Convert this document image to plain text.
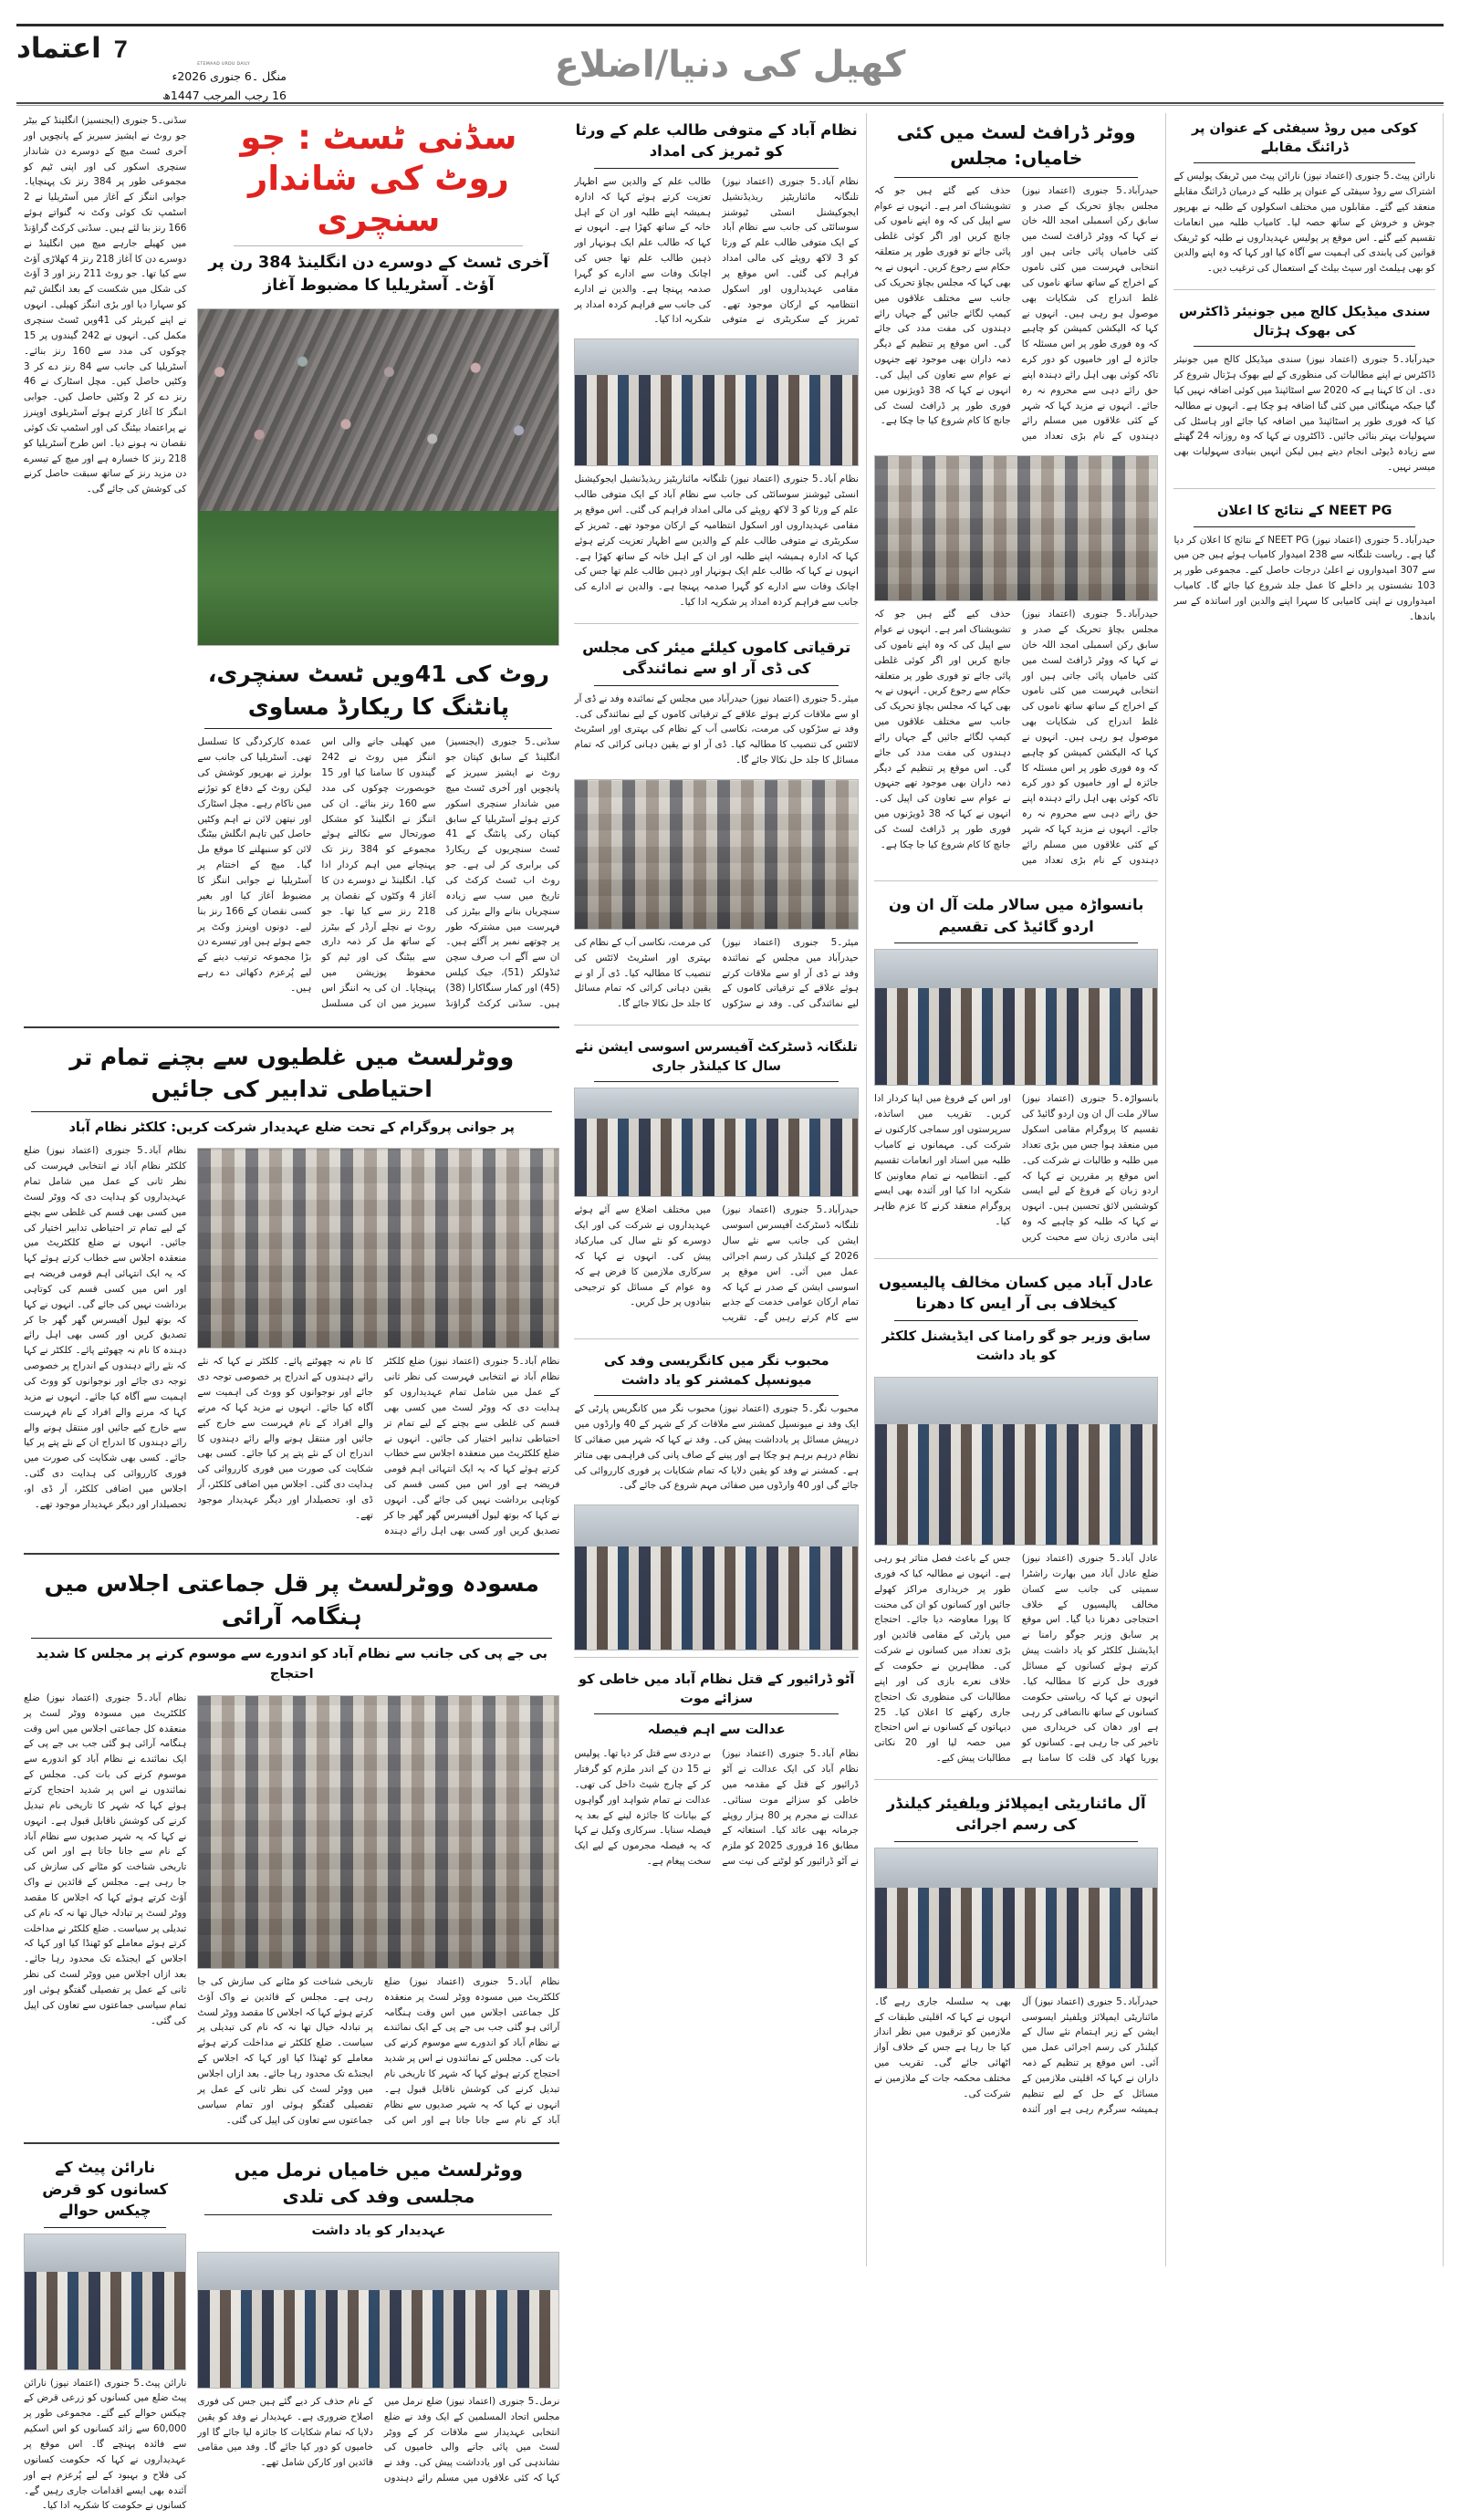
اعتماد 7
ETEMAAD URDU DAILY
منگل ۔6 جنوری 2026ء
16 رجب المرجب 1447ھ
کھیل کی دنیا/اضلاع
سڈنی۔5 جنوری (ایجنسیز) انگلینڈ کے بیٹر جو روٹ نے ایشیز سیریز کے پانچویں اور آخری ٹسٹ میچ کے دوسرے دن شاندار سنچری اسکور کی اور اپنی ٹیم کو مجموعی طور پر 384 رنز تک پہنچایا۔ جوابی اننگز کے آغاز میں آسٹریلیا نے 2 اسٹمپ تک کوئی وکٹ نہ گنواتے ہوئے 166 رنز بنا لئے ہیں۔ سڈنی کرکٹ گراؤنڈ میں کھیلے جارہے میچ میں انگلینڈ نے دوسرے دن کا آغاز 218 رنز 4 کھلاڑی آؤٹ سے کیا تھا۔ جو روٹ 211 رنز اور 3 آؤٹ کی شکل میں شکست کے بعد انگلش ٹیم کو سہارا دیا اور بڑی اننگز کھیلی۔ انہوں نے اپنے کیریئر کی 41ویں ٹسٹ سنچری مکمل کی۔ انہوں نے 242 گیندوں پر 15 چوکوں کی مدد سے 160 رنز بنائے۔ آسٹریلیا کی جانب سے 84 رنز دے کر 3 وکٹیں حاصل کیں۔ مچل اسٹارک نے 46 رنز دے کر 2 وکٹیں حاصل کیں۔ جوابی اننگز کا آغاز کرتے ہوئے آسٹریلوی اوپنرز نے پراعتماد بیٹنگ کی اور اسٹمپ تک کوئی نقصان نہ ہونے دیا۔ اس طرح آسٹریلیا کو 218 رنز کا خسارہ ہے اور میچ کے تیسرے دن مزید رنز کے ساتھ سبقت حاصل کرنے کی کوشش کی جائے گی۔
سڈنی ٹسٹ : جو روٹ کی شاندار سنچری
آخری ٹسٹ کے دوسرے دن انگلینڈ 384 رن پر آؤٹ۔ آسٹریلیا کا مضبوط آغاز
روٹ کی 41ویں ٹسٹ سنچری، پانٹنگ کا ریکارڈ مساوی
سڈنی۔5 جنوری (ایجنسیز) انگلینڈ کے سابق کپتان جو روٹ نے ایشیز سیریز کے پانچویں اور آخری ٹسٹ میچ میں شاندار سنچری اسکور کرتے ہوئے آسٹریلیا کے سابق کپتان رکی پانٹنگ کے 41 ٹسٹ سنچریوں کے ریکارڈ کی برابری کر لی ہے۔ جو روٹ اب ٹسٹ کرکٹ کی تاریخ میں سب سے زیادہ سنچریاں بنانے والے بیٹرز کی فہرست میں مشترکہ طور پر چوتھے نمبر پر آگئے ہیں۔ ان سے آگے اب صرف سچن ٹنڈولکر (51)، جیک کیلس (45) اور کمار سنگاکارا (38) ہیں۔ سڈنی کرکٹ گراؤنڈ میں کھیلی جانے والی اس اننگز میں روٹ نے 242 گیندوں کا سامنا کیا اور 15 خوبصورت چوکوں کی مدد سے 160 رنز بنائے۔ ان کی اننگز نے انگلینڈ کو مشکل صورتحال سے نکالتے ہوئے مجموعے کو 384 رنز تک پہنچانے میں اہم کردار ادا کیا۔ انگلینڈ نے دوسرے دن کا آغاز 4 وکٹوں کے نقصان پر 218 رنز سے کیا تھا۔ جو روٹ نے نچلے آرڈر کے بیٹرز کے ساتھ مل کر ذمہ داری سے بیٹنگ کی اور ٹیم کو محفوظ پوزیشن میں پہنچایا۔ ان کی یہ اننگز اس سیریز میں ان کی مسلسل عمدہ کارکردگی کا تسلسل تھی۔ آسٹریلیا کی جانب سے بولرز نے بھرپور کوشش کی لیکن روٹ کے دفاع کو توڑنے میں ناکام رہے۔ مچل اسٹارک اور نیتھن لائن نے اہم وکٹیں حاصل کیں تاہم انگلش بیٹنگ لائن کو سنبھلنے کا موقع مل گیا۔ میچ کے اختتام پر آسٹریلیا نے جوابی اننگز کا مضبوط آغاز کیا اور بغیر کسی نقصان کے 166 رنز بنا لیے۔ دونوں اوپنرز وکٹ پر جمے ہوئے ہیں اور تیسرے دن بڑا مجموعہ ترتیب دینے کے لیے پُرعزم دکھائی دے رہے ہیں۔
ووٹرلسٹ میں غلطیوں سے بچنے تمام تر احتیاطی تدابیر کی جائیں
پر جوانی پروگرام کے تحت ضلع عہدیدار شرکت کریں: کلکٹر نظام آباد
نظام آباد۔5 جنوری (اعتماد نیوز) ضلع کلکٹر نظام آباد نے انتخابی فہرست کی نظر ثانی کے عمل میں شامل تمام عہدیداروں کو ہدایت دی کہ ووٹر لسٹ میں کسی بھی قسم کی غلطی سے بچنے کے لیے تمام تر احتیاطی تدابیر اختیار کی جائیں۔ انہوں نے ضلع کلکٹریٹ میں منعقدہ اجلاس سے خطاب کرتے ہوئے کہا کہ یہ ایک انتہائی اہم قومی فریضہ ہے اور اس میں کسی قسم کی کوتاہی برداشت نہیں کی جائے گی۔ انہوں نے کہا کہ بوتھ لیول آفیسرس گھر گھر جا کر تصدیق کریں اور کسی بھی اہل رائے دہندہ کا نام نہ چھوٹنے پائے۔ کلکٹر نے کہا کہ نئے رائے دہندوں کے اندراج پر خصوصی توجہ دی جائے اور نوجوانوں کو ووٹ کی اہمیت سے آگاہ کیا جائے۔ انہوں نے مزید کہا کہ مرنے والے افراد کے نام فہرست سے خارج کیے جائیں اور منتقل ہونے والے رائے دہندوں کا اندراج ان کے نئے پتے پر کیا جائے۔ کسی بھی شکایت کی صورت میں فوری کارروائی کی ہدایت دی گئی۔ اجلاس میں اضافی کلکٹر، آر ڈی او، تحصیلدار اور دیگر عہدیدار موجود تھے۔
نظام آباد۔5 جنوری (اعتماد نیوز) ضلع کلکٹر نظام آباد نے انتخابی فہرست کی نظر ثانی کے عمل میں شامل تمام عہدیداروں کو ہدایت دی کہ ووٹر لسٹ میں کسی بھی قسم کی غلطی سے بچنے کے لیے تمام تر احتیاطی تدابیر اختیار کی جائیں۔ انہوں نے ضلع کلکٹریٹ میں منعقدہ اجلاس سے خطاب کرتے ہوئے کہا کہ یہ ایک انتہائی اہم قومی فریضہ ہے اور اس میں کسی قسم کی کوتاہی برداشت نہیں کی جائے گی۔ انہوں نے کہا کہ بوتھ لیول آفیسرس گھر گھر جا کر تصدیق کریں اور کسی بھی اہل رائے دہندہ کا نام نہ چھوٹنے پائے۔ کلکٹر نے کہا کہ نئے رائے دہندوں کے اندراج پر خصوصی توجہ دی جائے اور نوجوانوں کو ووٹ کی اہمیت سے آگاہ کیا جائے۔ انہوں نے مزید کہا کہ مرنے والے افراد کے نام فہرست سے خارج کیے جائیں اور منتقل ہونے والے رائے دہندوں کا اندراج ان کے نئے پتے پر کیا جائے۔ کسی بھی شکایت کی صورت میں فوری کارروائی کی ہدایت دی گئی۔ اجلاس میں اضافی کلکٹر، آر ڈی او، تحصیلدار اور دیگر عہدیدار موجود تھے۔
مسودہ ووٹرلسٹ پر قل جماعتی اجلاس میں ہنگامہ آرائی
بی جے پی کی جانب سے نظام آباد کو اندورے سے موسوم کرنے پر مجلس کا شدید احتجاج
نظام آباد۔5 جنوری (اعتماد نیوز) ضلع کلکٹریٹ میں مسودہ ووٹر لسٹ پر منعقدہ کل جماعتی اجلاس میں اس وقت ہنگامہ آرائی ہو گئی جب بی جے پی کے ایک نمائندے نے نظام آباد کو اندورے سے موسوم کرنے کی بات کی۔ مجلس کے نمائندوں نے اس پر شدید احتجاج کرتے ہوئے کہا کہ شہر کا تاریخی نام تبدیل کرنے کی کوشش ناقابل قبول ہے۔ انہوں نے کہا کہ یہ شہر صدیوں سے نظام آباد کے نام سے جانا جاتا ہے اور اس کی تاریخی شناخت کو مٹانے کی سازش کی جا رہی ہے۔ مجلس کے قائدین نے واک آؤٹ کرتے ہوئے کہا کہ اجلاس کا مقصد ووٹر لسٹ پر تبادلہ خیال تھا نہ کہ نام کی تبدیلی پر سیاست۔ ضلع کلکٹر نے مداخلت کرتے ہوئے معاملے کو ٹھنڈا کیا اور کہا کہ اجلاس کے ایجنڈے تک محدود رہا جائے۔ بعد ازاں اجلاس میں ووٹر لسٹ کی نظر ثانی کے عمل پر تفصیلی گفتگو ہوئی اور تمام سیاسی جماعتوں سے تعاون کی اپیل کی گئی۔
نظام آباد۔5 جنوری (اعتماد نیوز) ضلع کلکٹریٹ میں مسودہ ووٹر لسٹ پر منعقدہ کل جماعتی اجلاس میں اس وقت ہنگامہ آرائی ہو گئی جب بی جے پی کے ایک نمائندے نے نظام آباد کو اندورے سے موسوم کرنے کی بات کی۔ مجلس کے نمائندوں نے اس پر شدید احتجاج کرتے ہوئے کہا کہ شہر کا تاریخی نام تبدیل کرنے کی کوشش ناقابل قبول ہے۔ انہوں نے کہا کہ یہ شہر صدیوں سے نظام آباد کے نام سے جانا جاتا ہے اور اس کی تاریخی شناخت کو مٹانے کی سازش کی جا رہی ہے۔ مجلس کے قائدین نے واک آؤٹ کرتے ہوئے کہا کہ اجلاس کا مقصد ووٹر لسٹ پر تبادلہ خیال تھا نہ کہ نام کی تبدیلی پر سیاست۔ ضلع کلکٹر نے مداخلت کرتے ہوئے معاملے کو ٹھنڈا کیا اور کہا کہ اجلاس کے ایجنڈے تک محدود رہا جائے۔ بعد ازاں اجلاس میں ووٹر لسٹ کی نظر ثانی کے عمل پر تفصیلی گفتگو ہوئی اور تمام سیاسی جماعتوں سے تعاون کی اپیل کی گئی۔
نارائن پیٹ کے کسانوں کو قرض چیکس حوالے
نارائن پیٹ۔5 جنوری (اعتماد نیوز) نارائن پیٹ ضلع میں کسانوں کو زرعی قرض کے چیکس حوالے کیے گئے۔ مجموعی طور پر 60,000 سے زائد کسانوں کو اس اسکیم سے فائدہ پہنچے گا۔ اس موقع پر عہدیداروں نے کہا کہ حکومت کسانوں کی فلاح و بہبود کے لیے پُرعزم ہے اور آئندہ بھی ایسے اقدامات جاری رہیں گے۔ کسانوں نے حکومت کا شکریہ ادا کیا۔
ووٹرلسٹ میں خامیاں نرمل میں مجلسی وفد کی تلدی
عہدیدار کو یاد داشت
نرمل۔5 جنوری (اعتماد نیوز) ضلع نرمل میں مجلس اتحاد المسلمین کے ایک وفد نے ضلع انتخابی عہدیدار سے ملاقات کر کے ووٹر لسٹ میں پائی جانے والی خامیوں کی نشاندہی کی اور یادداشت پیش کی۔ وفد نے کہا کہ کئی علاقوں میں مسلم رائے دہندوں کے نام حذف کر دیے گئے ہیں جس کی فوری اصلاح ضروری ہے۔ عہدیدار نے وفد کو یقین دلایا کہ تمام شکایات کا جائزہ لیا جائے گا اور خامیوں کو دور کیا جائے گا۔ وفد میں مقامی قائدین اور کارکن شامل تھے۔
نظام آباد کے متوفی طالب علم کے ورثا کو ٹمریز کی امداد
نظام آباد۔5 جنوری (اعتماد نیوز) تلنگانہ مائناریٹیز ریذیڈنشیل ایجوکیشنل انسٹی ٹیوشنز سوسائٹی کی جانب سے نظام آباد کے ایک متوفی طالب علم کے ورثا کو 3 لاکھ روپئے کی مالی امداد فراہم کی گئی۔ اس موقع پر مقامی عہدیداروں اور اسکول انتظامیہ کے ارکان موجود تھے۔ ٹمریز کے سکریٹری نے متوفی طالب علم کے والدین سے اظہار تعزیت کرتے ہوئے کہا کہ ادارہ ہمیشہ اپنے طلبہ اور ان کے اہل خانہ کے ساتھ کھڑا ہے۔ انہوں نے کہا کہ طالب علم ایک ہونہار اور ذہین طالب علم تھا جس کی اچانک وفات سے ادارے کو گہرا صدمہ پہنچا ہے۔ والدین نے ادارے کی جانب سے فراہم کردہ امداد پر شکریہ ادا کیا۔
نظام آباد۔5 جنوری (اعتماد نیوز) تلنگانہ مائناریٹیز ریذیڈنشیل ایجوکیشنل انسٹی ٹیوشنز سوسائٹی کی جانب سے نظام آباد کے ایک متوفی طالب علم کے ورثا کو 3 لاکھ روپئے کی مالی امداد فراہم کی گئی۔ اس موقع پر مقامی عہدیداروں اور اسکول انتظامیہ کے ارکان موجود تھے۔ ٹمریز کے سکریٹری نے متوفی طالب علم کے والدین سے اظہار تعزیت کرتے ہوئے کہا کہ ادارہ ہمیشہ اپنے طلبہ اور ان کے اہل خانہ کے ساتھ کھڑا ہے۔ انہوں نے کہا کہ طالب علم ایک ہونہار اور ذہین طالب علم تھا جس کی اچانک وفات سے ادارے کو گہرا صدمہ پہنچا ہے۔ والدین نے ادارے کی جانب سے فراہم کردہ امداد پر شکریہ ادا کیا۔
ترقیاتی کاموں کیلئے میئر کی مجلس کی ڈی آر او سے نمائندگی
میئر۔5 جنوری (اعتماد نیوز) حیدرآباد میں مجلس کے نمائندہ وفد نے ڈی آر او سے ملاقات کرتے ہوئے علاقے کے ترقیاتی کاموں کے لیے نمائندگی کی۔ وفد نے سڑکوں کی مرمت، نکاسی آب کے نظام کی بہتری اور اسٹریٹ لائٹس کی تنصیب کا مطالبہ کیا۔ ڈی آر او نے یقین دہانی کرائی کہ تمام مسائل کا جلد حل نکالا جائے گا۔
میئر۔5 جنوری (اعتماد نیوز) حیدرآباد میں مجلس کے نمائندہ وفد نے ڈی آر او سے ملاقات کرتے ہوئے علاقے کے ترقیاتی کاموں کے لیے نمائندگی کی۔ وفد نے سڑکوں کی مرمت، نکاسی آب کے نظام کی بہتری اور اسٹریٹ لائٹس کی تنصیب کا مطالبہ کیا۔ ڈی آر او نے یقین دہانی کرائی کہ تمام مسائل کا جلد حل نکالا جائے گا۔
تلنگانہ ڈسٹرکٹ آفیسرس اسوسی ایشن نئے سال کا کیلنڈر جاری
حیدرآباد۔5 جنوری (اعتماد نیوز) تلنگانہ ڈسٹرکٹ آفیسرس اسوسی ایشن کی جانب سے نئے سال 2026 کے کیلنڈر کی رسم اجرائی عمل میں آئی۔ اس موقع پر اسوسی ایشن کے صدر نے کہا کہ تمام ارکان عوامی خدمت کے جذبے سے کام کرتے رہیں گے۔ تقریب میں مختلف اضلاع سے آئے ہوئے عہدیداروں نے شرکت کی اور ایک دوسرے کو نئے سال کی مبارکباد پیش کی۔ انہوں نے کہا کہ سرکاری ملازمین کا فرض ہے کہ وہ عوام کے مسائل کو ترجیحی بنیادوں پر حل کریں۔
محبوب نگر میں کانگریسی وفد کی میونسپل کمشنر کو یاد داشت
محبوب نگر۔5 جنوری (اعتماد نیوز) محبوب نگر میں کانگریس پارٹی کے ایک وفد نے میونسپل کمشنر سے ملاقات کر کے شہر کے 40 وارڈوں میں درپیش مسائل پر یادداشت پیش کی۔ وفد نے کہا کہ شہر میں صفائی کا نظام درہم برہم ہو چکا ہے اور پینے کے صاف پانی کی فراہمی بھی متاثر ہے۔ کمشنر نے وفد کو یقین دلایا کہ تمام شکایات پر فوری کارروائی کی جائے گی اور 40 وارڈوں میں صفائی مہم شروع کی جائے گی۔
آٹو ڈرائیور کے قتل نظام آباد میں خاطی کو سزائے موت
عدالت سے اہم فیصلہ
نظام آباد۔5 جنوری (اعتماد نیوز) نظام آباد کی ایک عدالت نے آٹو ڈرائیور کے قتل کے مقدمہ میں خاطی کو سزائے موت سنائی۔ عدالت نے مجرم پر 80 ہزار روپئے جرمانہ بھی عائد کیا۔ استغاثہ کے مطابق 16 فروری 2025 کو ملزم نے آٹو ڈرائیور کو لوٹنے کی نیت سے بے دردی سے قتل کر دیا تھا۔ پولیس نے 15 دن کے اندر ملزم کو گرفتار کر کے چارج شیٹ داخل کی تھی۔ عدالت نے تمام شواہد اور گواہوں کے بیانات کا جائزہ لینے کے بعد یہ فیصلہ سنایا۔ سرکاری وکیل نے کہا کہ یہ فیصلہ مجرموں کے لیے ایک سخت پیغام ہے۔
ووٹر ڈرافٹ لسٹ میں کئی خامیاں: مجلس
حیدرآباد۔5 جنوری (اعتماد نیوز) مجلس بچاؤ تحریک کے صدر و سابق رکن اسمبلی امجد اللہ خان نے کہا کہ ووٹر ڈرافٹ لسٹ میں کئی خامیاں پائی جاتی ہیں اور انتخابی فہرست میں کئی ناموں کے اخراج کے ساتھ ساتھ ناموں کی غلط اندراج کی شکایات بھی موصول ہو رہی ہیں۔ انہوں نے کہا کہ الیکشن کمیشن کو چاہیے کہ وہ فوری طور پر اس مسئلہ کا جائزہ لے اور خامیوں کو دور کرے تاکہ کوئی بھی اہل رائے دہندہ اپنے حق رائے دہی سے محروم نہ رہ جائے۔ انہوں نے مزید کہا کہ شہر کے کئی علاقوں میں مسلم رائے دہندوں کے نام بڑی تعداد میں حذف کیے گئے ہیں جو کہ تشویشناک امر ہے۔ انہوں نے عوام سے اپیل کی کہ وہ اپنے ناموں کی جانچ کریں اور اگر کوئی غلطی پائی جائے تو فوری طور پر متعلقہ حکام سے رجوع کریں۔ انہوں نے یہ بھی کہا کہ مجلس بچاؤ تحریک کی جانب سے مختلف علاقوں میں کیمپ لگائے جائیں گے جہاں رائے دہندوں کی مفت مدد کی جائے گی۔ اس موقع پر تنظیم کے دیگر ذمہ داران بھی موجود تھے جنہوں نے عوام سے تعاون کی اپیل کی۔ انہوں نے کہا کہ 38 ڈویژنوں میں فوری طور پر ڈرافٹ لسٹ کی جانچ کا کام شروع کیا جا چکا ہے۔
حیدرآباد۔5 جنوری (اعتماد نیوز) مجلس بچاؤ تحریک کے صدر و سابق رکن اسمبلی امجد اللہ خان نے کہا کہ ووٹر ڈرافٹ لسٹ میں کئی خامیاں پائی جاتی ہیں اور انتخابی فہرست میں کئی ناموں کے اخراج کے ساتھ ساتھ ناموں کی غلط اندراج کی شکایات بھی موصول ہو رہی ہیں۔ انہوں نے کہا کہ الیکشن کمیشن کو چاہیے کہ وہ فوری طور پر اس مسئلہ کا جائزہ لے اور خامیوں کو دور کرے تاکہ کوئی بھی اہل رائے دہندہ اپنے حق رائے دہی سے محروم نہ رہ جائے۔ انہوں نے مزید کہا کہ شہر کے کئی علاقوں میں مسلم رائے دہندوں کے نام بڑی تعداد میں حذف کیے گئے ہیں جو کہ تشویشناک امر ہے۔ انہوں نے عوام سے اپیل کی کہ وہ اپنے ناموں کی جانچ کریں اور اگر کوئی غلطی پائی جائے تو فوری طور پر متعلقہ حکام سے رجوع کریں۔ انہوں نے یہ بھی کہا کہ مجلس بچاؤ تحریک کی جانب سے مختلف علاقوں میں کیمپ لگائے جائیں گے جہاں رائے دہندوں کی مفت مدد کی جائے گی۔ اس موقع پر تنظیم کے دیگر ذمہ داران بھی موجود تھے جنہوں نے عوام سے تعاون کی اپیل کی۔ انہوں نے کہا کہ 38 ڈویژنوں میں فوری طور پر ڈرافٹ لسٹ کی جانچ کا کام شروع کیا جا چکا ہے۔
بانسواڑہ میں سالار ملت آل ان ون اردو گائیڈ کی تقسیم
بانسواڑہ۔5 جنوری (اعتماد نیوز) سالار ملت آل ان ون اردو گائیڈ کی تقسیم کا پروگرام مقامی اسکول میں منعقد ہوا جس میں بڑی تعداد میں طلبہ و طالبات نے شرکت کی۔ اس موقع پر مقررین نے کہا کہ اردو زبان کے فروغ کے لیے ایسی کوششیں لائق تحسین ہیں۔ انہوں نے کہا کہ طلبہ کو چاہیے کہ وہ اپنی مادری زبان سے محبت کریں اور اس کے فروغ میں اپنا کردار ادا کریں۔ تقریب میں اساتذہ، سرپرستوں اور سماجی کارکنوں نے شرکت کی۔ مہمانوں نے کامیاب طلبہ میں اسناد اور انعامات تقسیم کیے۔ انتظامیہ نے تمام معاونین کا شکریہ ادا کیا اور آئندہ بھی ایسے پروگرام منعقد کرنے کا عزم ظاہر کیا۔
عادل آباد میں کسان مخالف پالیسیوں کیخلاف بی آر ایس کا دھرنا
سابق وزیر جو گو رامنا کی ایڈیشنل کلکٹر کو یاد داشت
عادل آباد۔5 جنوری (اعتماد نیوز) ضلع عادل آباد میں بھارت راشٹرا سمیتی کی جانب سے کسان مخالف پالیسیوں کے خلاف احتجاجی دھرنا دیا گیا۔ اس موقع پر سابق وزیر جوگو رامنا نے ایڈیشنل کلکٹر کو یاد داشت پیش کرتے ہوئے کسانوں کے مسائل فوری حل کرنے کا مطالبہ کیا۔ انہوں نے کہا کہ ریاستی حکومت کسانوں کے ساتھ ناانصافی کر رہی ہے اور دھان کی خریداری میں تاخیر کی جا رہی ہے۔ کسانوں کو یوریا کھاد کی قلت کا سامنا ہے جس کے باعث فصل متاثر ہو رہی ہے۔ انہوں نے مطالبہ کیا کہ فوری طور پر خریداری مراکز کھولے جائیں اور کسانوں کو ان کی محنت کا پورا معاوضہ دیا جائے۔ احتجاج میں پارٹی کے مقامی قائدین اور بڑی تعداد میں کسانوں نے شرکت کی۔ مظاہرین نے حکومت کے خلاف نعرے بازی کی اور اپنے مطالبات کی منظوری تک احتجاج جاری رکھنے کا اعلان کیا۔ 25 دیہاتوں کے کسانوں نے اس احتجاج میں حصہ لیا اور 20 نکاتی مطالبات پیش کیے۔
آل مائناریٹی ایمپلائز ویلفیئر کیلنڈر کی رسم اجرائی
حیدرآباد۔5 جنوری (اعتماد نیوز) آل مائناریٹی ایمپلائز ویلفیئر ایسوسی ایشن کے زیر اہتمام نئے سال کے کیلنڈر کی رسم اجرائی عمل میں آئی۔ اس موقع پر تنظیم کے ذمہ داران نے کہا کہ اقلیتی ملازمین کے مسائل کے حل کے لیے تنظیم ہمیشہ سرگرم رہی ہے اور آئندہ بھی یہ سلسلہ جاری رہے گا۔ انہوں نے کہا کہ اقلیتی طبقات کے ملازمین کو ترقیوں میں نظر انداز کیا جا رہا ہے جس کے خلاف آواز اٹھائی جائے گی۔ تقریب میں مختلف محکمہ جات کے ملازمین نے شرکت کی۔
کوکی میں روڈ سیفٹی کے عنوان پر ڈرائنگ مقابلے
نارائن پیٹ۔5 جنوری (اعتماد نیوز) نارائن پیٹ میں ٹریفک پولیس کے اشتراک سے روڈ سیفٹی کے عنوان پر طلبہ کے درمیان ڈرائنگ مقابلے منعقد کیے گئے۔ مقابلوں میں مختلف اسکولوں کے طلبہ نے بھرپور جوش و خروش کے ساتھ حصہ لیا۔ کامیاب طلبہ میں انعامات تقسیم کیے گئے۔ اس موقع پر پولیس عہدیداروں نے طلبہ کو ٹریفک قوانین کی پابندی کی اہمیت سے آگاہ کیا اور کہا کہ وہ اپنے والدین کو بھی ہیلمٹ اور سیٹ بیلٹ کے استعمال کی ترغیب دیں۔
سندی میڈیکل کالج میں جونیئر ڈاکٹرس کی بھوک ہڑتال
حیدرآباد۔5 جنوری (اعتماد نیوز) سندی میڈیکل کالج میں جونیئر ڈاکٹرس نے اپنے مطالبات کی منظوری کے لیے بھوک ہڑتال شروع کر دی۔ ان کا کہنا ہے کہ 2020 سے اسٹائپنڈ میں کوئی اضافہ نہیں کیا گیا جبکہ مہنگائی میں کئی گنا اضافہ ہو چکا ہے۔ انہوں نے مطالبہ کیا کہ فوری طور پر اسٹائپنڈ میں اضافہ کیا جائے اور ہاسٹل کی سہولیات بہتر بنائی جائیں۔ ڈاکٹروں نے کہا کہ وہ روزانہ 24 گھنٹے سے زیادہ ڈیوٹی انجام دیتے ہیں لیکن انہیں بنیادی سہولیات بھی میسر نہیں۔
NEET PG کے نتائج کا اعلان
حیدرآباد۔5 جنوری (اعتماد نیوز) NEET PG کے نتائج کا اعلان کر دیا گیا ہے۔ ریاست تلنگانہ سے 238 امیدوار کامیاب ہوئے ہیں جن میں سے 307 امیدواروں نے اعلیٰ درجات حاصل کیے۔ مجموعی طور پر 103 نشستوں پر داخلے کا عمل جلد شروع کیا جائے گا۔ کامیاب امیدواروں نے اپنی کامیابی کا سہرا اپنے والدین اور اساتذہ کے سر باندھا۔
